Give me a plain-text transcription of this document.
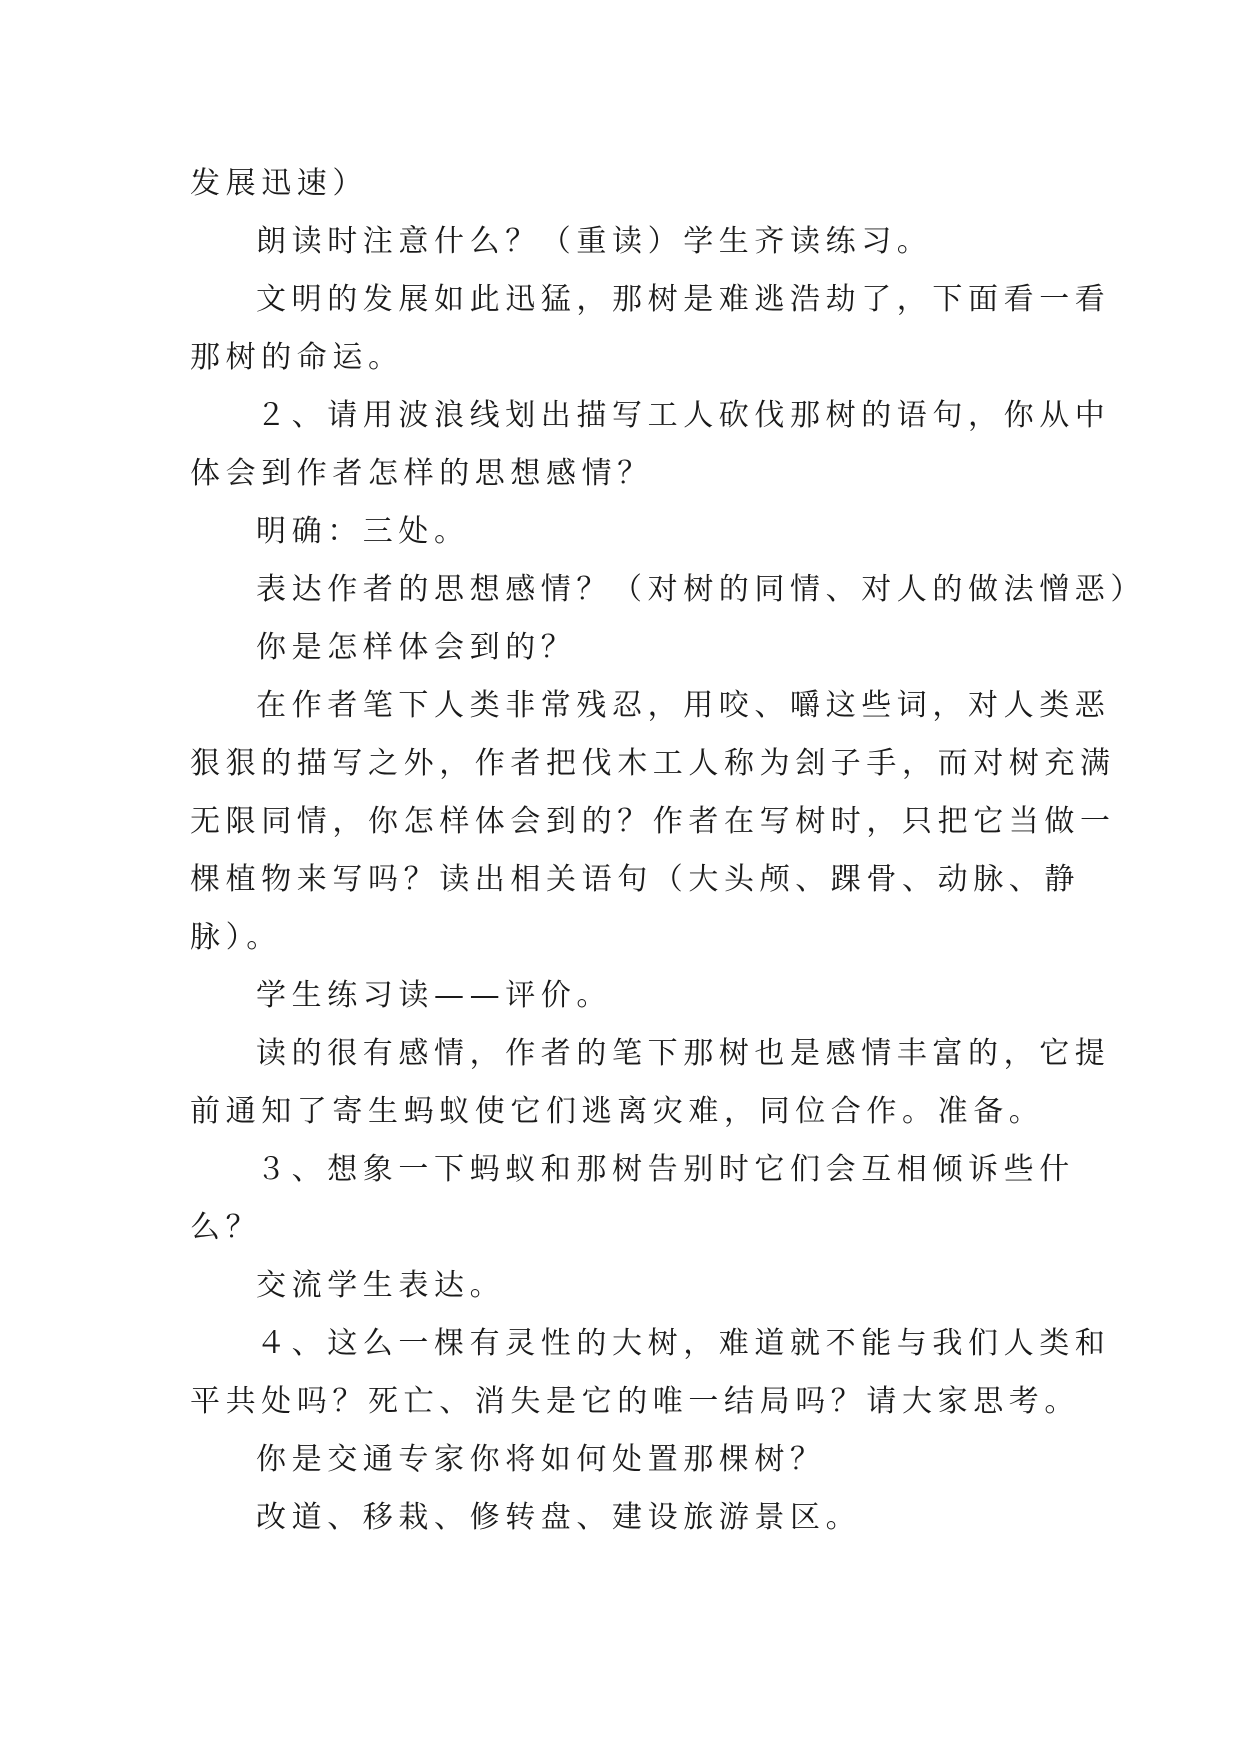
发展迅速）
朗读时注意什么？（重读）学生齐读练习。
文明的发展如此迅猛，那树是难逃浩劫了，下面看一看
那树的命运。
２、请用波浪线划出描写工人砍伐那树的语句，你从中
体会到作者怎样的思想感情？
明确：三处。
表达作者的思想感情？（对树的同情、对人的做法憎恶）
你是怎样体会到的？
在作者笔下人类非常残忍，用咬、嚼这些词，对人类恶
狠狠的描写之外，作者把伐木工人称为刽子手，而对树充满
无限同情，你怎样体会到的？作者在写树时，只把它当做一
棵植物来写吗？读出相关语句（大头颅、踝骨、动脉、静
脉）。
学生练习读——评价。
读的很有感情，作者的笔下那树也是感情丰富的，它提
前通知了寄生蚂蚁使它们逃离灾难，同位合作。准备。
３、想象一下蚂蚁和那树告别时它们会互相倾诉些什
么？
交流学生表达。
４、这么一棵有灵性的大树，难道就不能与我们人类和
平共处吗？死亡、消失是它的唯一结局吗？请大家思考。
你是交通专家你将如何处置那棵树？
改道、移栽、修转盘、建设旅游景区。
